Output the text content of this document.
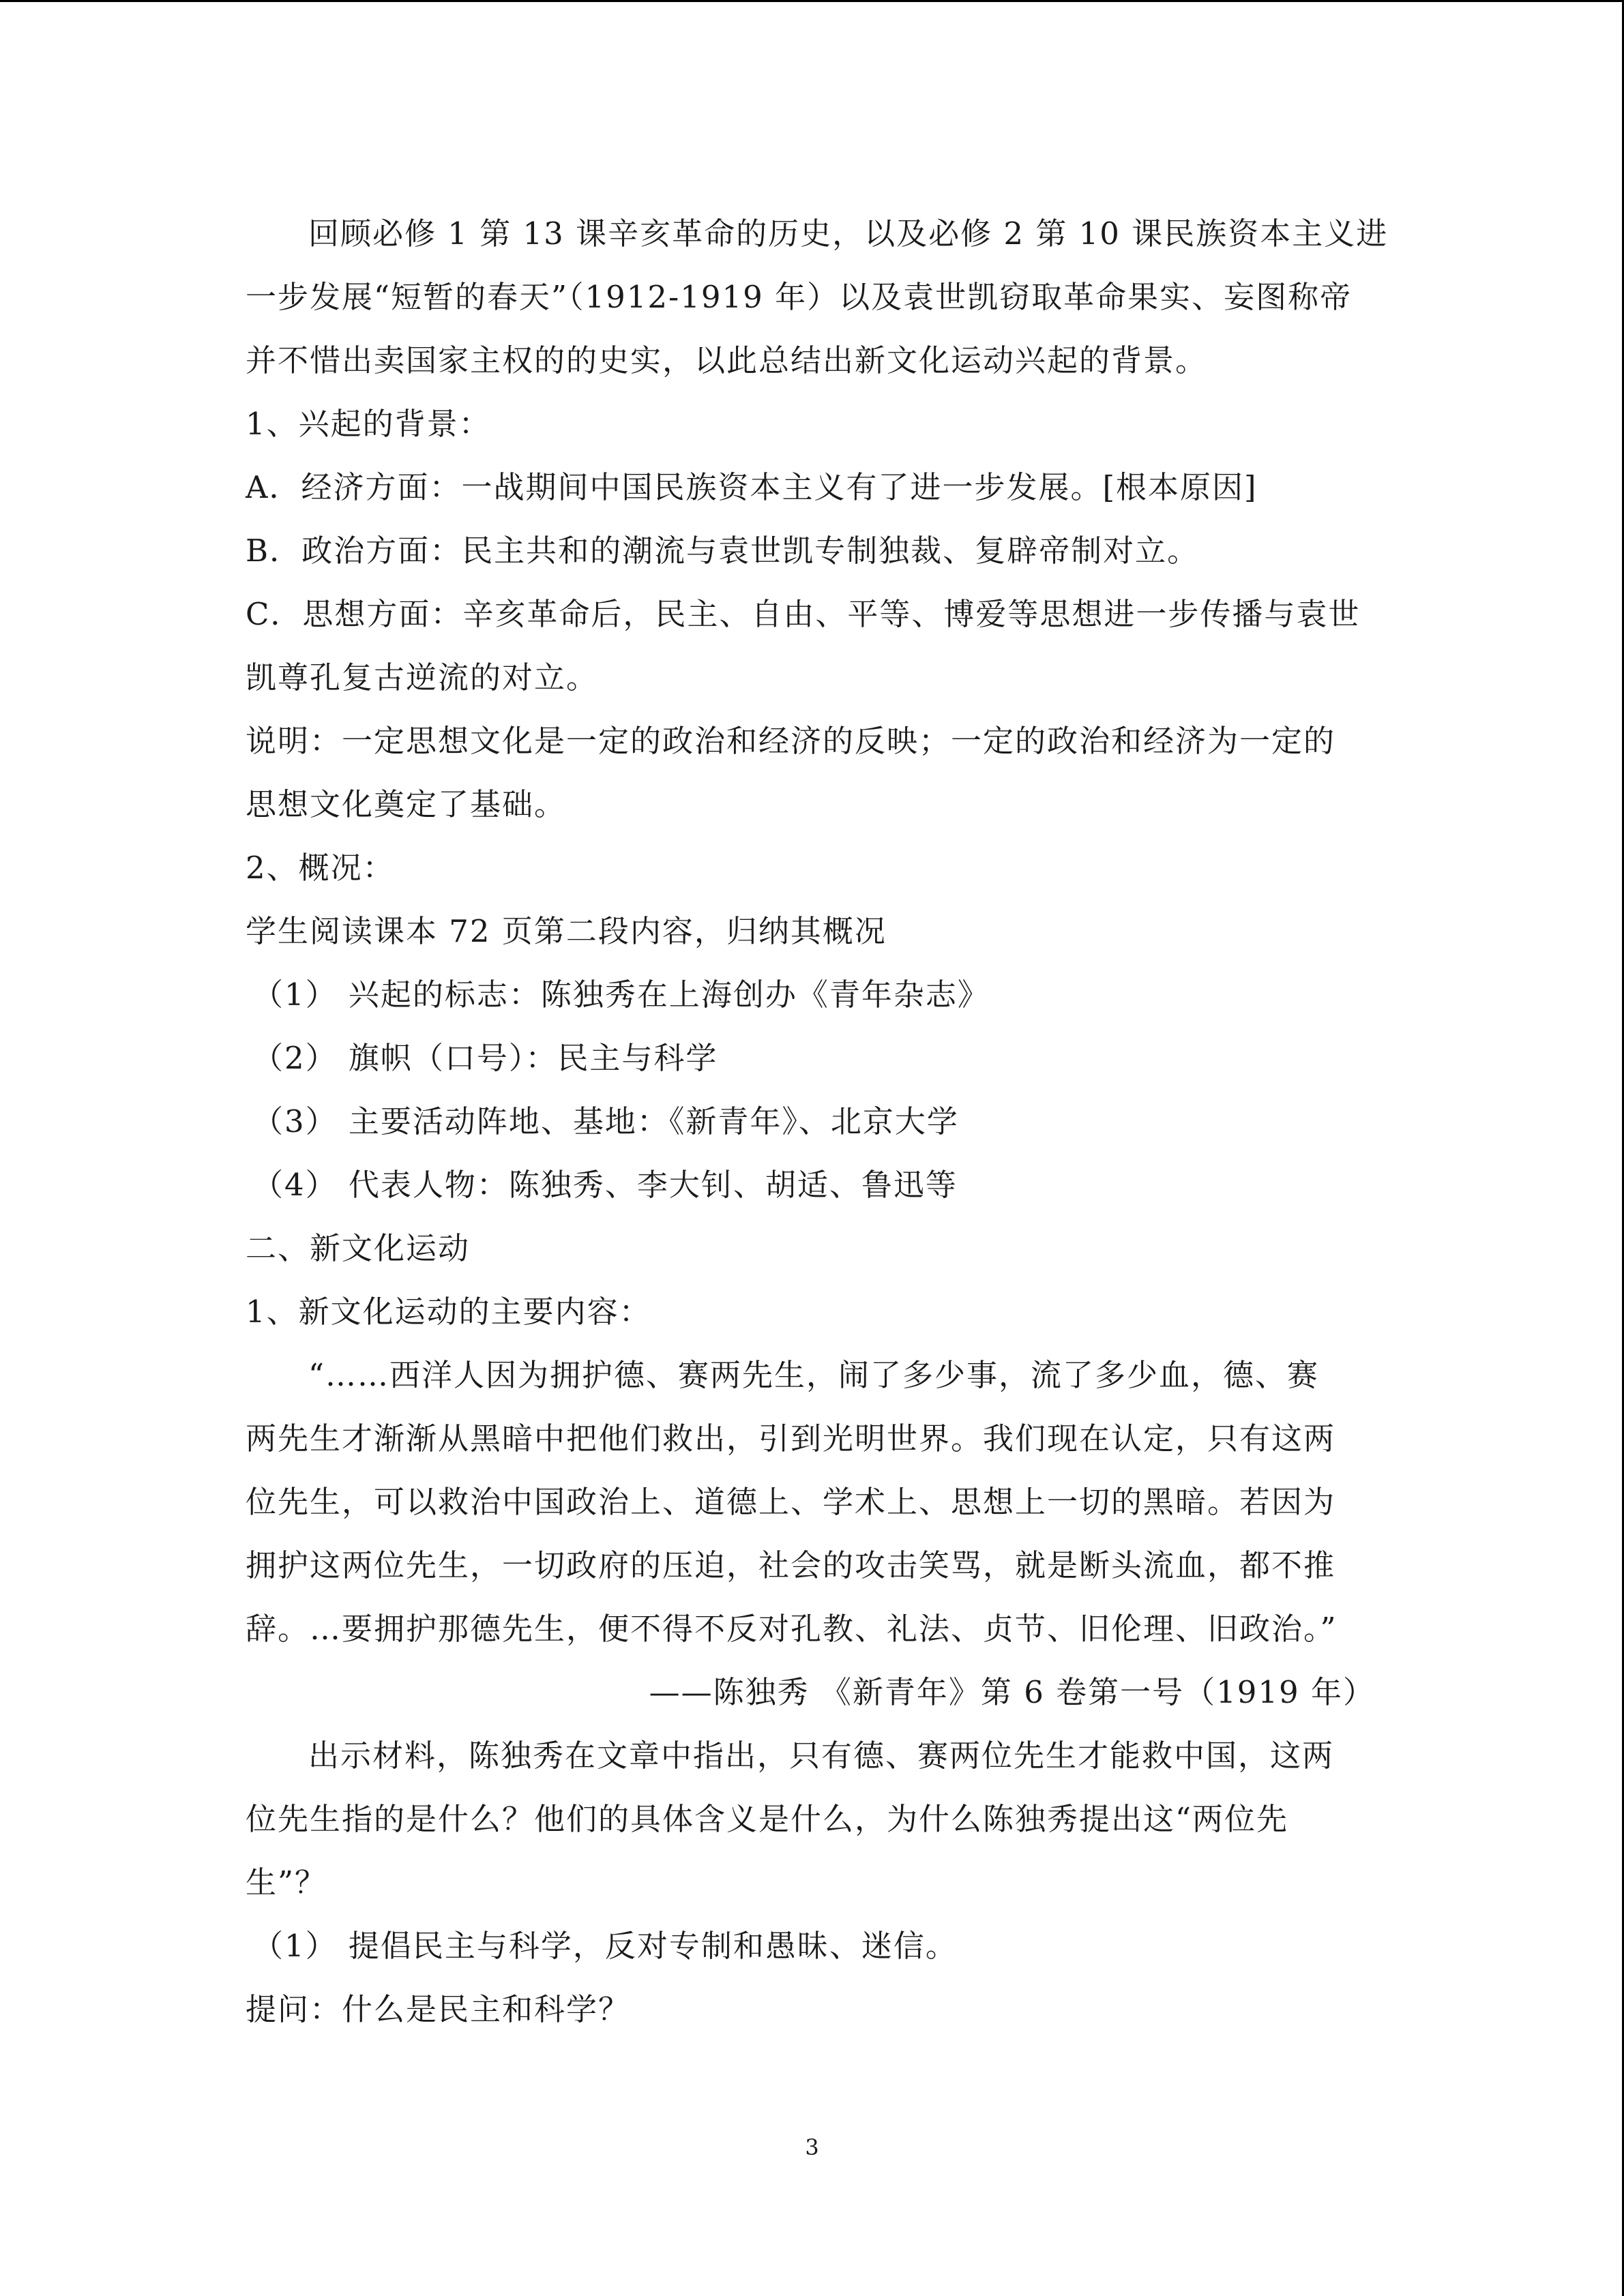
回顾必修 1 第 13 课辛亥革命的历史，以及必修 2 第 10 课民族资本主义进
一步发展“短暂的春天”（1912-1919 年）以及袁世凯窃取革命果实、妄图称帝
并不惜出卖国家主权的的史实，以此总结出新文化运动兴起的背景。
1、兴起的背景：
A．经济方面：一战期间中国民族资本主义有了进一步发展。[根本原因]
B．政治方面：民主共和的潮流与袁世凯专制独裁、复辟帝制对立。
C．思想方面：辛亥革命后，民主、自由、平等、博爱等思想进一步传播与袁世
凯尊孔复古逆流的对立。
说明：一定思想文化是一定的政治和经济的反映；一定的政治和经济为一定的
思想文化奠定了基础。
2、概况：
学生阅读课本 72 页第二段内容，归纳其概况
（1） 兴起的标志：陈独秀在上海创办《青年杂志》
（2） 旗帜（口号）：民主与科学
（3） 主要活动阵地、基地：《新青年》、北京大学
（4） 代表人物：陈独秀、李大钊、胡适、鲁迅等
二、新文化运动
1、新文化运动的主要内容：
“……西洋人因为拥护德、赛两先生，闹了多少事，流了多少血，德、赛
两先生才渐渐从黑暗中把他们救出，引到光明世界。我们现在认定，只有这两
位先生，可以救治中国政治上、道德上、学术上、思想上一切的黑暗。若因为
拥护这两位先生，一切政府的压迫，社会的攻击笑骂，就是断头流血，都不推
辞。…要拥护那德先生，便不得不反对孔教、礼法、贞节、旧伦理、旧政治。”
——陈独秀 《新青年》第 6 卷第一号（1919 年）
出示材料，陈独秀在文章中指出，只有德、赛两位先生才能救中国，这两
位先生指的是什么？他们的具体含义是什么，为什么陈独秀提出这“两位先
生”？
（1） 提倡民主与科学，反对专制和愚昧、迷信。
提问：什么是民主和科学？
3
